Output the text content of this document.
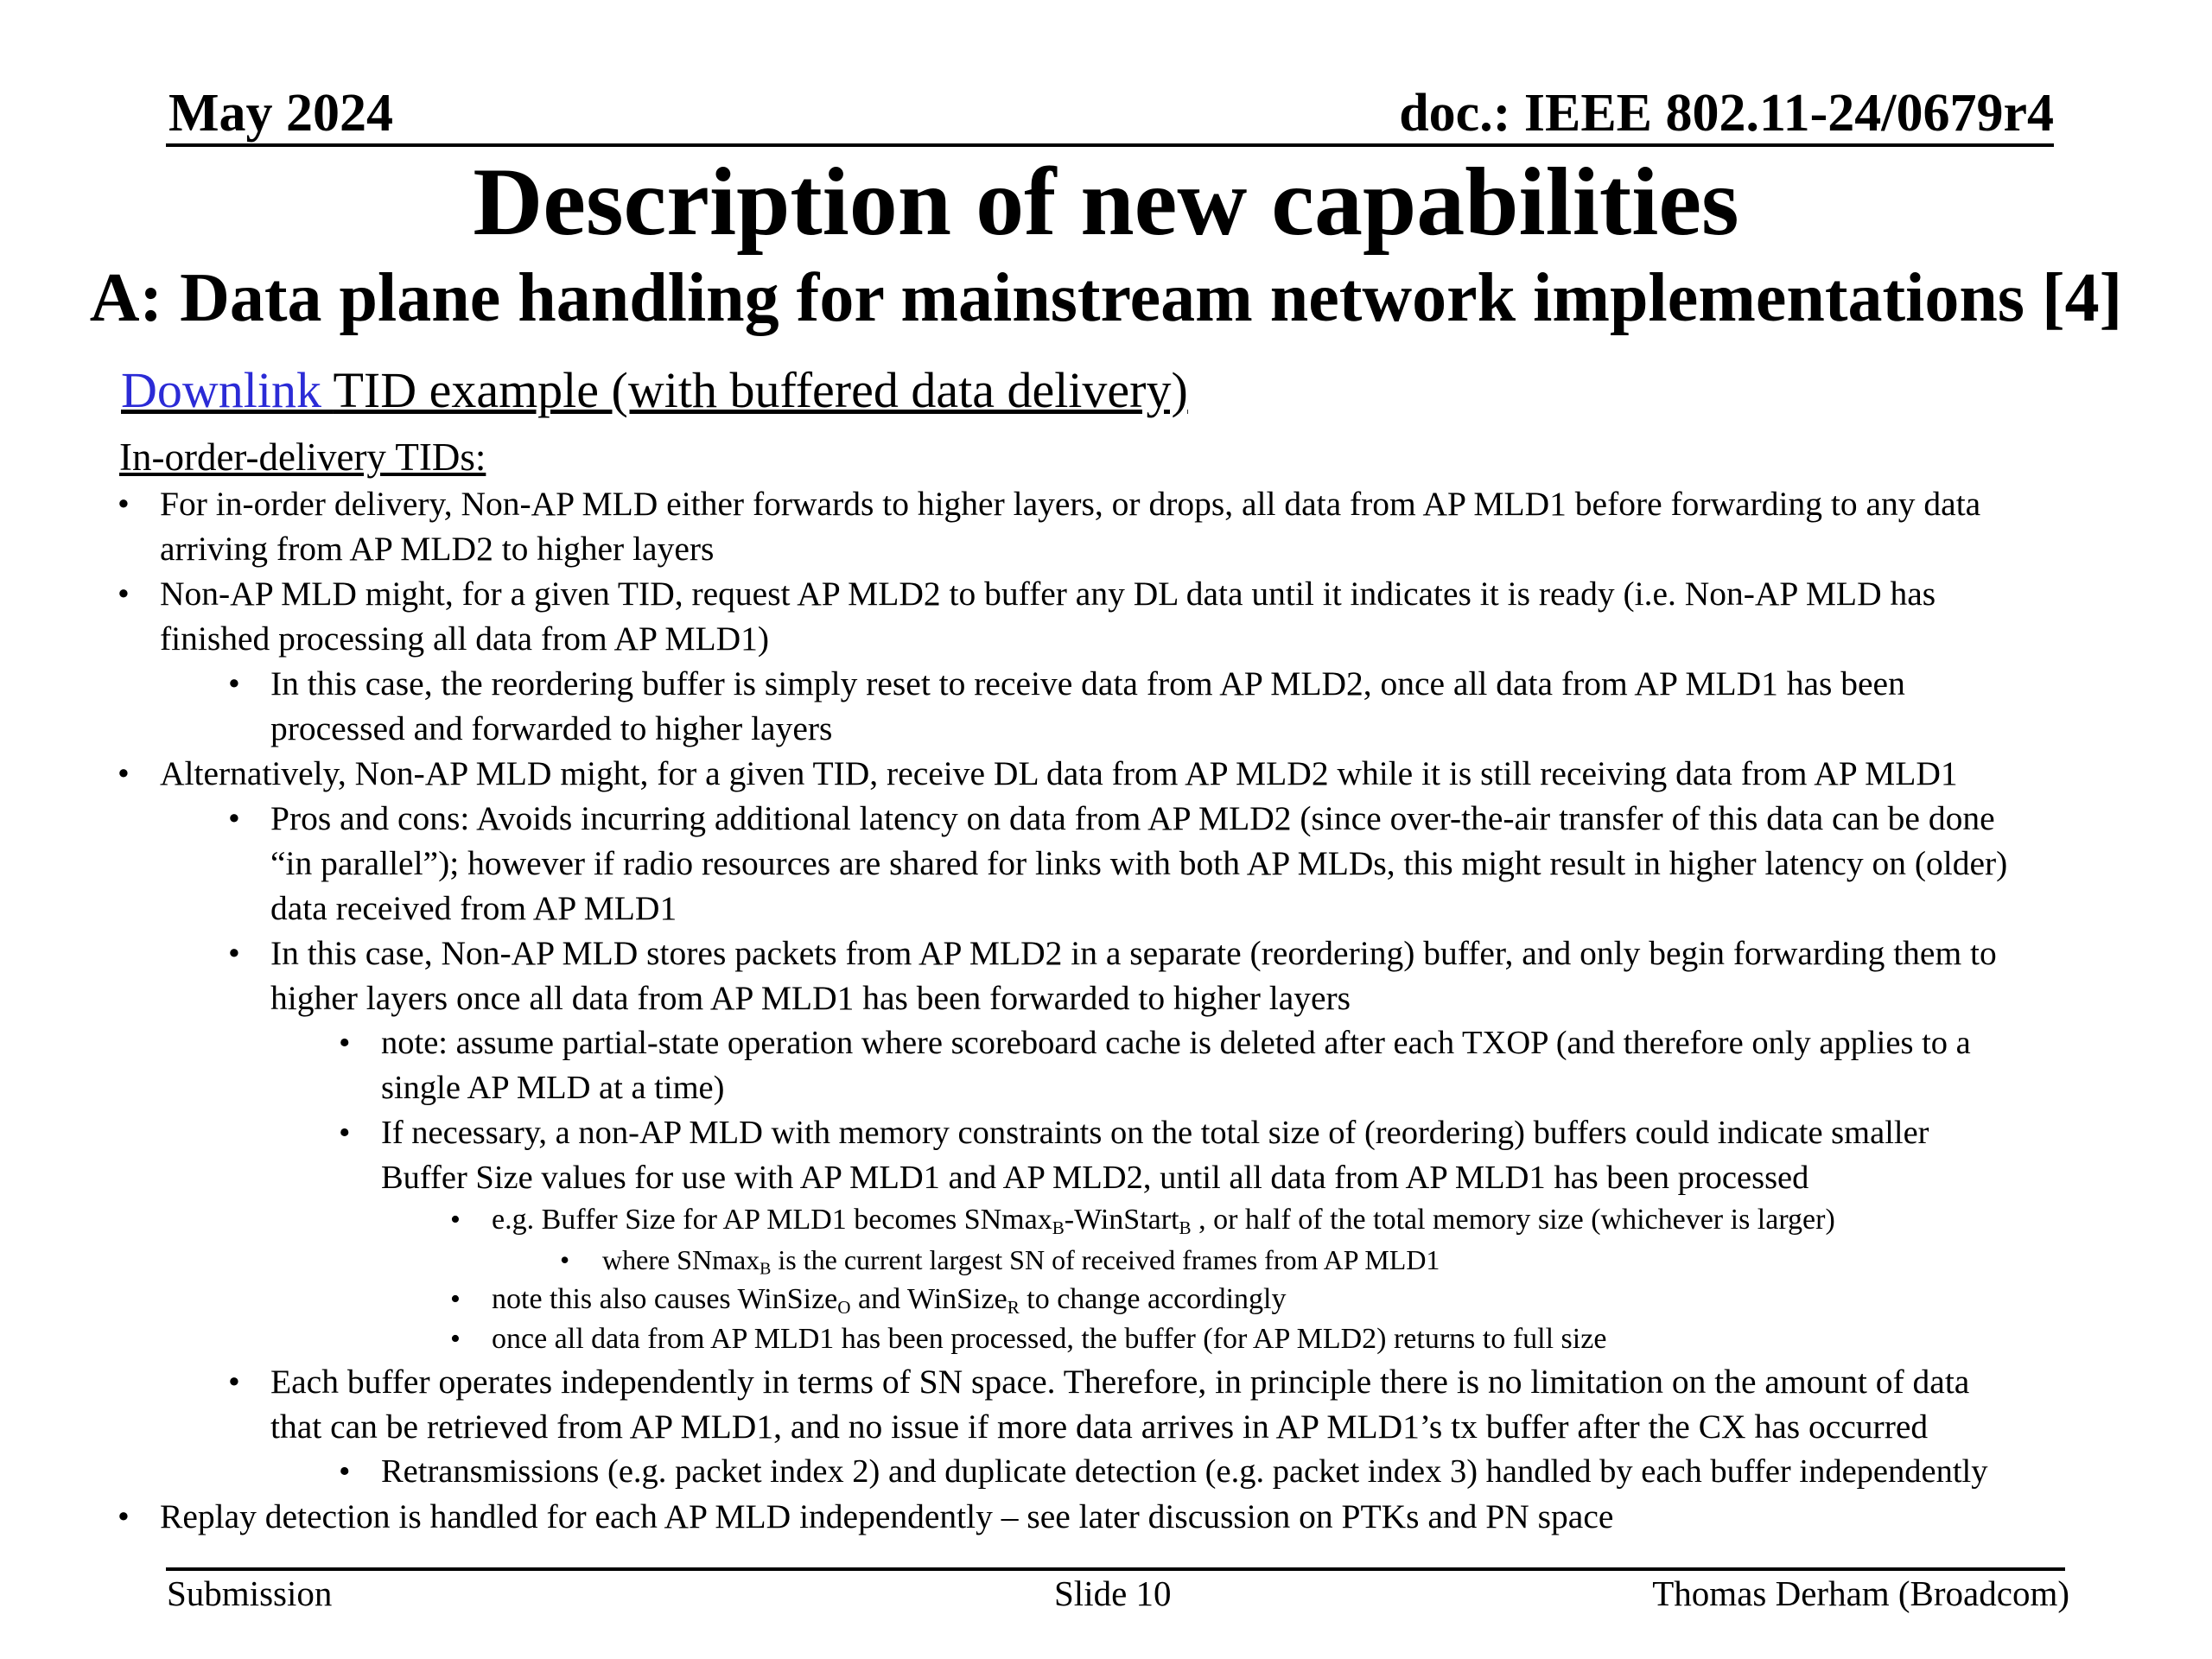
May 2024	doc.: IEEE 802.11-24/0679r4
Description of new capabilities
A: Data plane handling for mainstream network implementations [4]
Downlink TID example (with buffered data delivery)
In-order-delivery TIDs:
• For in-order delivery, Non-AP MLD either forwards to higher layers, or drops, all data from AP MLD1 before forwarding to any data
arriving from AP MLD2 to higher layers
• Non-AP MLD might, for a given TID, request AP MLD2 to buffer any DL data until it indicates it is ready (i.e. Non-AP MLD has
finished processing all data from AP MLD1)
• In this case, the reordering buffer is simply reset to receive data from AP MLD2, once all data from AP MLD1 has been
processed and forwarded to higher layers
• Alternatively, Non-AP MLD might, for a given TID, receive DL data from AP MLD2 while it is still receiving data from AP MLD1
• Pros and cons: Avoids incurring additional latency on data from AP MLD2 (since over-the-air transfer of this data can be done
“in parallel”); however if radio resources are shared for links with both AP MLDs, this might result in higher latency on (older)
data received from AP MLD1
• In this case, Non-AP MLD stores packets from AP MLD2 in a separate (reordering) buffer, and only begin forwarding them to
higher layers once all data from AP MLD1 has been forwarded to higher layers
• note: assume partial-state operation where scoreboard cache is deleted after each TXOP (and therefore only applies to a
single AP MLD at a time)
• If necessary, a non-AP MLD with memory constraints on the total size of (reordering) buffers could indicate smaller
Buffer Size values for use with AP MLD1 and AP MLD2, until all data from AP MLD1 has been processed
• e.g. Buffer Size for AP MLD1 becomes SNmax$_B$-WinStart$_B$ , or half of the total memory size (whichever is larger)
• where SNmax$_B$ is the current largest SN of received frames from AP MLD1
• note this also causes WinSize$_O$ and WinSize$_R$ to change accordingly
• once all data from AP MLD1 has been processed, the buffer (for AP MLD2) returns to full size
• Each buffer operates independently in terms of SN space. Therefore, in principle there is no limitation on the amount of data
that can be retrieved from AP MLD1, and no issue if more data arrives in AP MLD1’s tx buffer after the CX has occurred
• Retransmissions (e.g. packet index 2) and duplicate detection (e.g. packet index 3) handled by each buffer independently
• Replay detection is handled for each AP MLD independently – see later discussion on PTKs and PN space
Submission	Slide 10	Thomas Derham (Broadcom)
